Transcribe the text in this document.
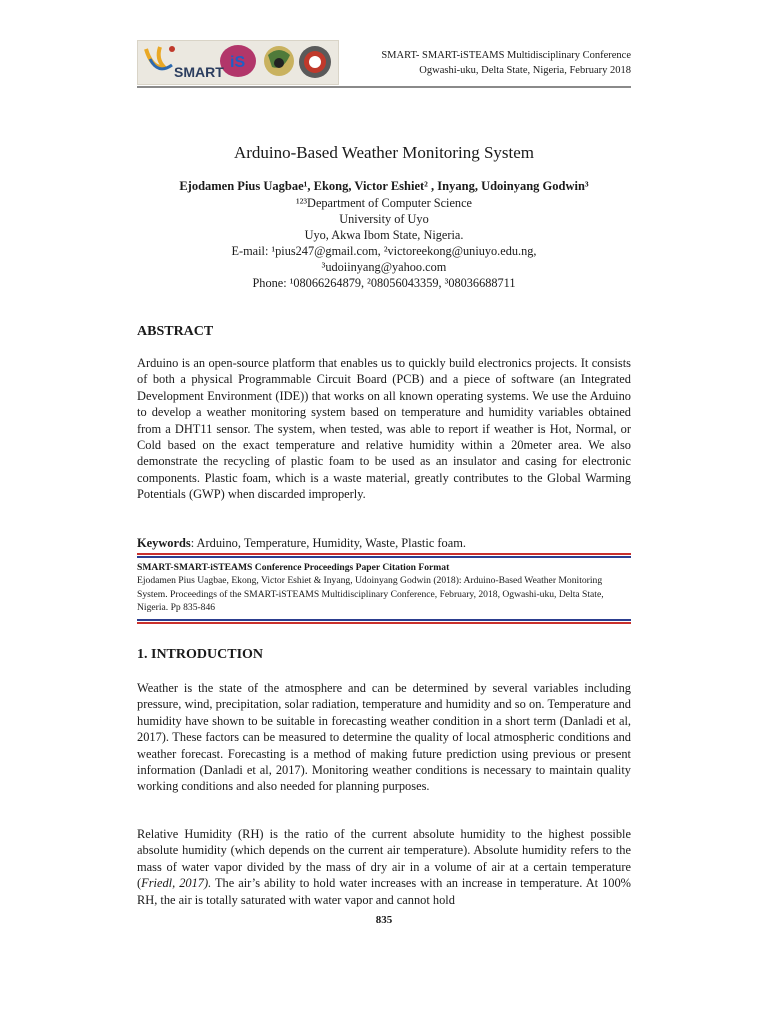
iS
SMART
SMART- SMART-iSTEAMS Multidisciplinary Conference
Ogwashi-uku, Delta State, Nigeria, February 2018
Arduino-Based Weather Monitoring System
Ejodamen Pius Uagbae¹, Ekong, Victor Eshiet² , Inyang, Udoinyang Godwin³
¹²³Department of Computer Science
University of Uyo
Uyo, Akwa Ibom State, Nigeria.
E-mail: ¹pius247@gmail.com, ²victoreekong@uniuyo.edu.ng,
³udoiinyang@yahoo.com
Phone: ¹08066264879, ²08056043359, ³08036688711
ABSTRACT
Arduino is an open-source platform that enables us to quickly build electronics projects. It consists of both a physical Programmable Circuit Board (PCB) and a piece of software (an Integrated Development Environment (IDE)) that works on all known operating systems. We use the Arduino to develop a weather monitoring system based on temperature and humidity variables obtained from a DHT11 sensor. The system, when tested, was able to report if weather is Hot, Normal, or Cold based on the exact temperature and relative humidity within a 20meter area. We also demonstrate the recycling of plastic foam to be used as an insulator and casing for electronic components. Plastic foam, which is a waste material, greatly contributes to the Global Warming Potentials (GWP) when discarded improperly.
Keywords: Arduino, Temperature, Humidity, Waste, Plastic foam.
SMART-SMART-iSTEAMS Conference Proceedings Paper Citation Format
Ejodamen Pius Uagbae, Ekong, Victor Eshiet & Inyang, Udoinyang Godwin (2018): Arduino-Based Weather Monitoring System. Proceedings of the SMART-iSTEAMS Multidisciplinary Conference, February, 2018, Ogwashi-uku, Delta State, Nigeria. Pp 835-846
1. INTRODUCTION
Weather is the state of the atmosphere and can be determined by several variables including pressure, wind, precipitation, solar radiation, temperature and humidity and so on. Temperature and humidity have shown to be suitable in forecasting weather condition in a short term (Danladi et al, 2017). These factors can be measured to determine the quality of local atmospheric conditions and weather forecast. Forecasting is a method of making future prediction using previous or present information (Danladi et al, 2017). Monitoring weather conditions is necessary to maintain quality working conditions and also needed for planning purposes.
Relative Humidity (RH) is the ratio of the current absolute humidity to the highest possible absolute humidity (which depends on the current air temperature). Absolute humidity refers to the mass of water vapor divided by the mass of dry air in a volume of air at a certain temperature (Friedl, 2017). The air’s ability to hold water increases with an increase in temperature. At 100% RH, the air is totally saturated with water vapor and cannot hold
835
